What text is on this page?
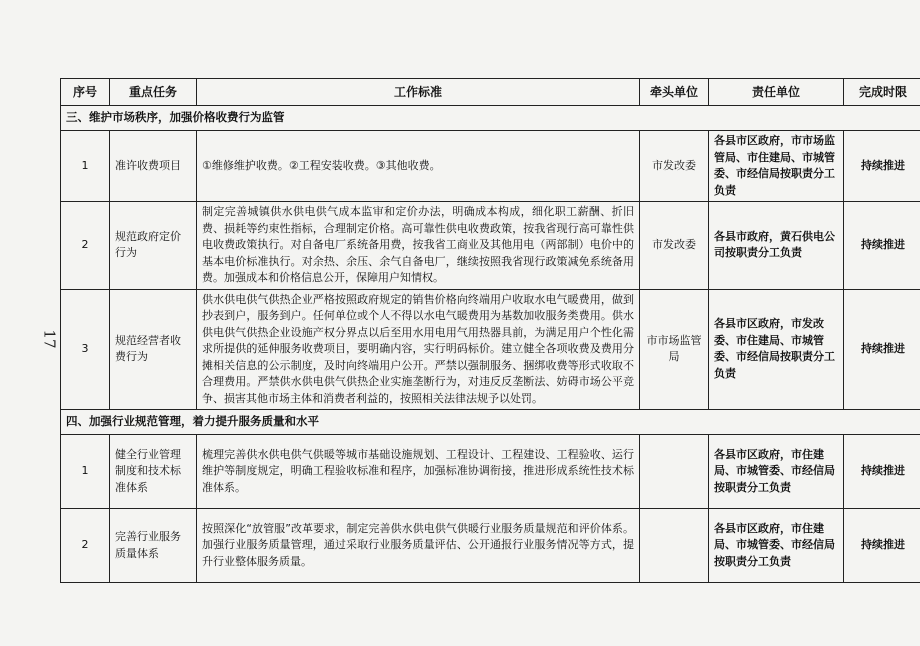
17
序号	重点任务	工作标准	牵头单位	责任单位	完成时限
三、维护市场秩序，加强价格收费行为监管					
1	准许收费项目	①维修维护收费。②工程安装收费。③其他收费。	市发改委	各县市区政府，市市场监管局、市住建局、市城管委、市经信局按职责分工负责	持续推进
2	规范政府定价行为	制定完善城镇供水供电供气成本监审和定价办法，明确成本构成，细化职工薪酬、折旧费、损耗等约束性指标，合理制定价格。高可靠性供电收费政策，按我省现行高可靠性供电收费政策执行。对自备电厂系统备用费，按我省工商业及其他用电（两部制）电价中的基本电价标准执行。对余热、余压、余气自备电厂，继续按照我省现行政策减免系统备用费。加强成本和价格信息公开，保障用户知情权。	市发改委	各县市政府，黄石供电公司按职责分工负责	持续推进
3	规范经营者收费行为	供水供电供气供热企业严格按照政府规定的销售价格向终端用户收取水电气暖费用，做到抄表到户，服务到户。任何单位或个人不得以水电气暖费用为基数加收服务类费用。供水供电供气供热企业设施产权分界点以后至用水用电用气用热器具前，为满足用户个性化需求所提供的延伸服务收费项目，要明确内容，实行明码标价。建立健全各项收费及费用分摊相关信息的公示制度，及时向终端用户公开。严禁以强制服务、捆绑收费等形式收取不合理费用。严禁供水供电供气供热企业实施垄断行为，对违反反垄断法、妨碍市场公平竞争、损害其他市场主体和消费者利益的，按照相关法律法规予以处罚。	市市场监管局	各县市区政府，市发改委、市住建局、市城管委、市经信局按职责分工负责	持续推进
四、加强行业规范管理，着力提升服务质量和水平					
1	健全行业管理制度和技术标准体系	梳理完善供水供电供气供暖等城市基础设施规划、工程设计、工程建设、工程验收、运行维护等制度规定，明确工程验收标准和程序，加强标准协调衔接，推进形成系统性技术标准体系。		各县市区政府，市住建局、市城管委、市经信局按职责分工负责	持续推进
2	完善行业服务质量体系	按照深化“放管服”改革要求，制定完善供水供电供气供暖行业服务质量规范和评价体系。加强行业服务质量管理，通过采取行业服务质量评估、公开通报行业服务情况等方式，提升行业整体服务质量。		各县市区政府，市住建局、市城管委、市经信局按职责分工负责	持续推进
